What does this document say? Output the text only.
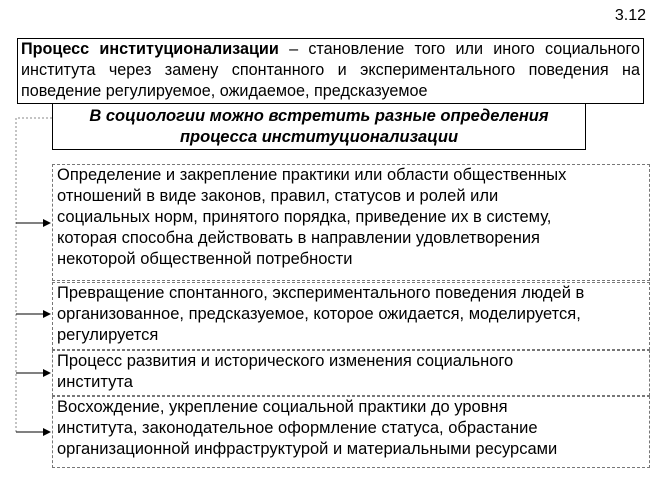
3.12
Процесс институционализации – становление того или иного социального института через замену спонтанного и экспериментального поведения на поведение регулируемое, ожидаемое, предсказуемое
В социологии можно встретить разные определения
процесса институционализации
Определение и закрепление практики или области общественных
отношений в виде законов, правил, статусов и ролей или
социальных норм, принятого порядка, приведение их в систему,
которая способна действовать в направлении удовлетворения
некоторой общественной потребности
Превращение спонтанного, экспериментального поведения людей в
организованное, предсказуемое, которое ожидается, моделируется,
регулируется
Процесс развития и исторического изменения социального
института
Восхождение, укрепление социальной практики до уровня
института, законодательное оформление статуса, обрастание
организационной инфраструктурой и материальными ресурсами
